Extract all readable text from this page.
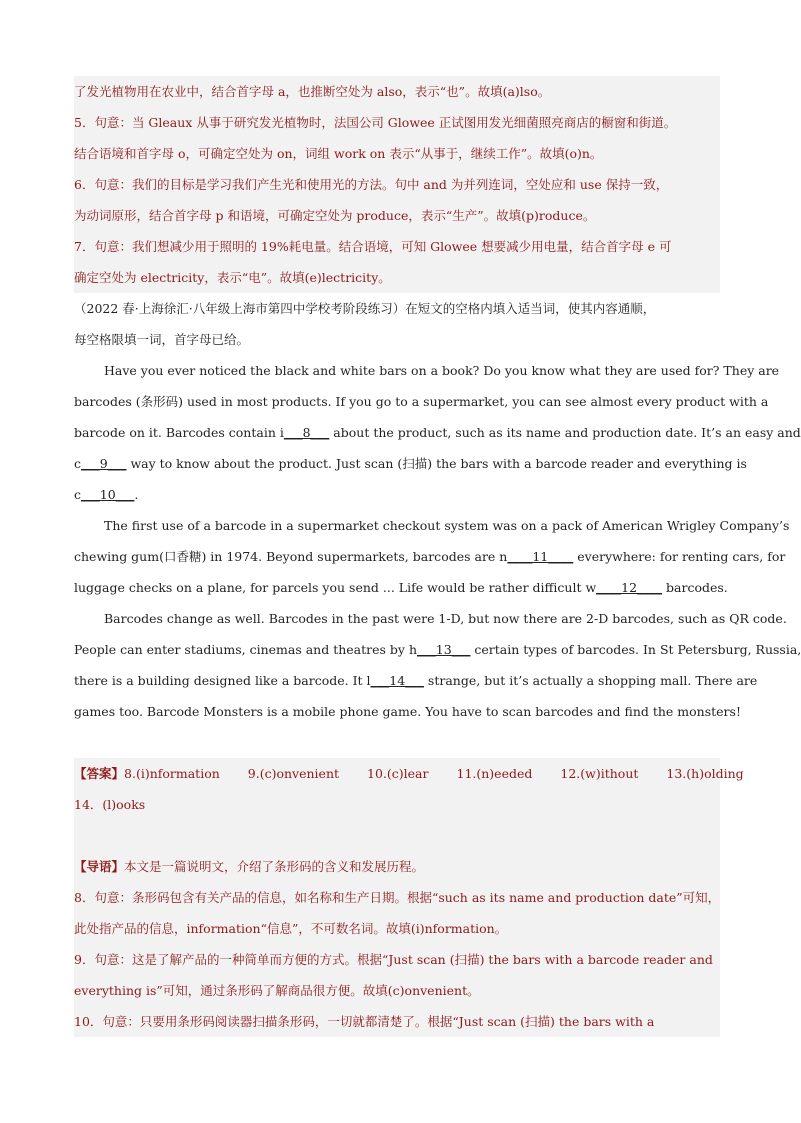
了发光植物用在农业中，结合首字母 a，也推断空处为 also，表示“也”。故填(a)lso。
5．句意：当 Gleaux 从事于研究发光植物时，法国公司 Glowee 正试图用发光细菌照亮商店的橱窗和街道。
结合语境和首字母 o，可确定空处为 on，词组 work on 表示“从事于，继续工作”。故填(o)n。
6．句意：我们的目标是学习我们产生光和使用光的方法。句中 and 为并列连词，空处应和 use 保持一致，
为动词原形，结合首字母 p 和语境，可确定空处为 produce，表示“生产”。故填(p)roduce。
7．句意：我们想减少用于照明的 19%耗电量。结合语境，可知 Glowee 想要减少用电量，结合首字母 e 可
确定空处为 electricity，表示“电”。故填(e)lectricity。
（2022 春·上海徐汇·八年级上海市第四中学校考阶段练习）在短文的空格内填入适当词，使其内容通顺，
每空格限填一词，首字母已给。
Have you ever noticed the black and white bars on a book? Do you know what they are used for? They are
barcodes (条形码) used in most products. If you go to a supermarket, you can see almost every product with a
barcode on it. Barcodes contain i___8___ about the product, such as its name and production date. It’s an easy and
c___9___ way to know about the product. Just scan (扫描) the bars with a barcode reader and everything is
c___10___.
The first use of a barcode in a supermarket checkout system was on a pack of American Wrigley Company’s
chewing gum(口香糖) in 1974. Beyond supermarkets, barcodes are n____11____ everywhere: for renting cars, for
luggage checks on a plane, for parcels you send ... Life would be rather difficult w____12____ barcodes.
Barcodes change as well. Barcodes in the past were 1-D, but now there are 2-D barcodes, such as QR code.
People can enter stadiums, cinemas and theatres by h___13___ certain types of barcodes. In St Petersburg, Russia,
there is a building designed like a barcode. It l___14___ strange, but it’s actually a shopping mall. There are
games too. Barcode Monsters is a mobile phone game. You have to scan barcodes and find the monsters!
【答案】8.(i)nformation 9.(c)onvenient 10.(c)lear 11.(n)eeded 12.(w)ithout 13.(h)olding
14．(l)ooks
【导语】本文是一篇说明文，介绍了条形码的含义和发展历程。
8．句意：条形码包含有关产品的信息，如名称和生产日期。根据“such as its name and production date”可知，
此处指产品的信息，information“信息”，不可数名词。故填(i)nformation。
9．句意：这是了解产品的一种简单而方便的方式。根据“Just scan (扫描) the bars with a barcode reader and
everything is”可知，通过条形码了解商品很方便。故填(c)onvenient。
10．句意：只要用条形码阅读器扫描条形码，一切就都清楚了。根据“Just scan (扫描) the bars with a
